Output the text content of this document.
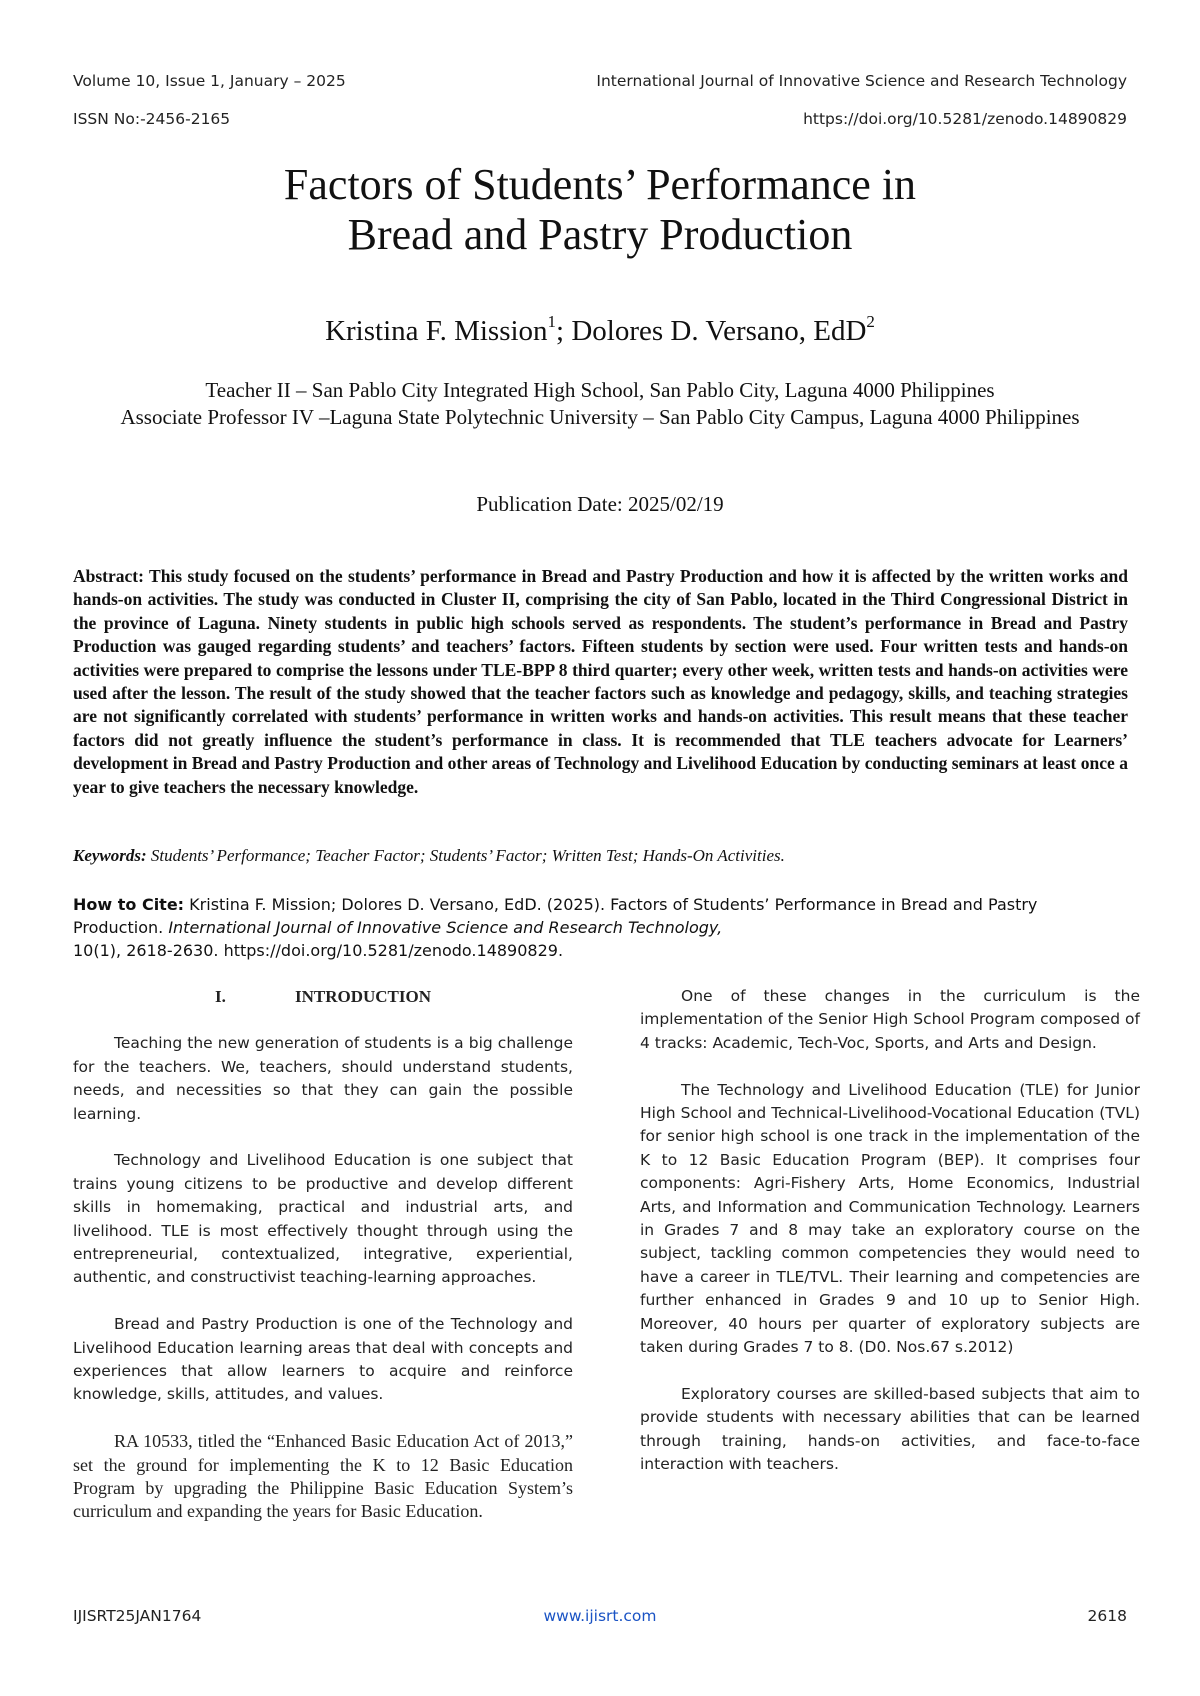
Volume 10, Issue 1, January – 2025	International Journal of Innovative Science and Research Technology
ISSN No:-2456-2165	https://doi.org/10.5281/zenodo.14890829
Factors of Students’ Performance in
Bread and Pastry Production
Kristina F. Mission$^1$; Dolores D. Versano, EdD$^2$
Teacher II – San Pablo City Integrated High School, San Pablo City, Laguna 4000 Philippines
Associate Professor IV –Laguna State Polytechnic University – San Pablo City Campus, Laguna 4000 Philippines
Publication Date: 2025/02/19
Abstract: This study focused on the students’ performance in Bread and Pastry Production and how it is affected by the written works and hands-on activities. The study was conducted in Cluster II, comprising the city of San Pablo, located in the Third Congressional District in the province of Laguna. Ninety students in public high schools served as respondents. The student’s performance in Bread and Pastry Production was gauged regarding students’ and teachers’ factors. Fifteen students by section were used. Four written tests and hands-on activities were prepared to comprise the lessons under TLE-BPP 8 third quarter; every other week, written tests and hands-on activities were used after the lesson. The result of the study showed that the teacher factors such as knowledge and pedagogy, skills, and teaching strategies are not significantly correlated with students’ performance in written works and hands-on activities. This result means that these teacher factors did not greatly influence the student’s performance in class. It is recommended that TLE teachers advocate for Learners’ development in Bread and Pastry Production and other areas of Technology and Livelihood Education by conducting seminars at least once a year to give teachers the necessary knowledge.
Keywords: Students’ Performance; Teacher Factor; Students’ Factor; Written Test; Hands-On Activities.
How to Cite: Kristina F. Mission; Dolores D. Versano, EdD. (2025). Factors of Students’ Performance in Bread and Pastry Production. International Journal of Innovative Science and Research Technology,
10(1), 2618-2630. https://doi.org/10.5281/zenodo.14890829.
I.	INTRODUCTION

Teaching the new generation of students is a big challenge for the teachers. We, teachers, should understand students, needs, and necessities so that they can gain the possible learning.

Technology and Livelihood Education is one subject that trains young citizens to be productive and develop different skills in homemaking, practical and industrial arts, and livelihood. TLE is most effectively thought through using the entrepreneurial, contextualized, integrative, experiential, authentic, and constructivist teaching-learning approaches.

Bread and Pastry Production is one of the Technology and Livelihood Education learning areas that deal with concepts and experiences that allow learners to acquire and reinforce knowledge, skills, attitudes, and values.

RA 10533, titled the “Enhanced Basic Education Act of 2013,” set the ground for implementing the K to 12 Basic Education Program by upgrading the Philippine Basic Education System’s curriculum and expanding the years for Basic Education.

One of these changes in the curriculum is the implementation of the Senior High School Program composed of 4 tracks: Academic, Tech-Voc, Sports, and Arts and Design.

The Technology and Livelihood Education (TLE) for Junior High School and Technical-Livelihood-Vocational Education (TVL) for senior high school is one track in the implementation of the K to 12 Basic Education Program (BEP). It comprises four components: Agri-Fishery Arts, Home Economics, Industrial Arts, and Information and Communication Technology. Learners in Grades 7 and 8 may take an exploratory course on the subject, tackling common competencies they would need to have a career in TLE/TVL. Their learning and competencies are further enhanced in Grades 9 and 10 up to Senior High. Moreover, 40 hours per quarter of exploratory subjects are taken during Grades 7 to 8. (D0. Nos.67 s.2012)

Exploratory courses are skilled-based subjects that aim to provide students with necessary abilities that can be learned through training, hands-on activities, and face-to-face interaction with teachers.

IJISRT25JAN1764	www.ijisrt.com	2618
